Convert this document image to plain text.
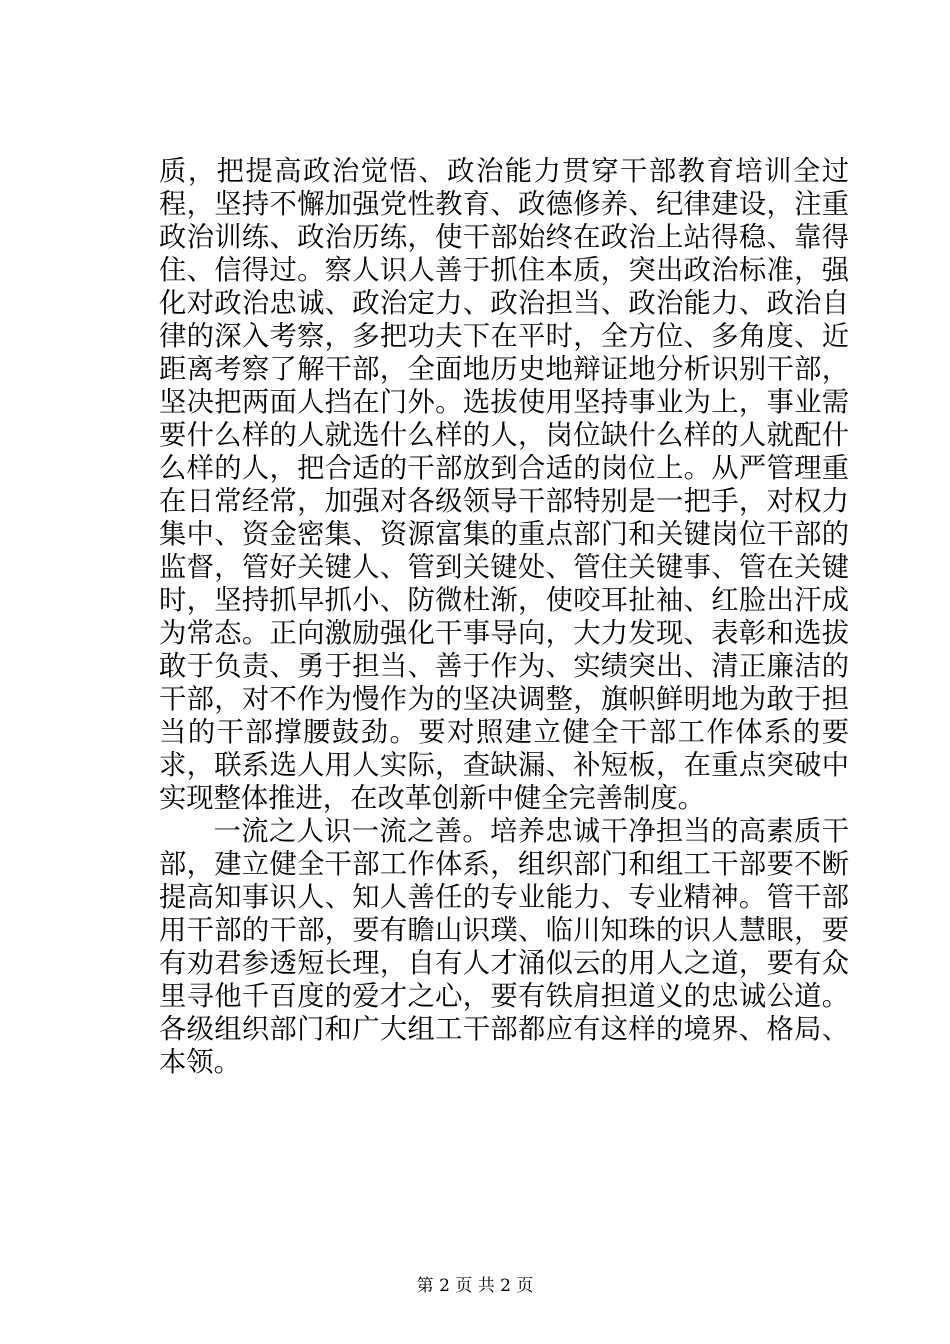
质，把提高政治觉悟、政治能力贯穿干部教育培训全过程，坚持不懈加强党性教育、政德修养、纪律建设，注重政治训练、政治历练，使干部始终在政治上站得稳、靠得住、信得过。察人识人善于抓住本质，突出政治标准，强化对政治忠诚、政治定力、政治担当、政治能力、政治自律的深入考察，多把功夫下在平时，全方位、多角度、近距离考察了解干部，全面地历史地辩证地分析识别干部，坚决把两面人挡在门外。选拔使用坚持事业为上，事业需要什么样的人就选什么样的人，岗位缺什么样的人就配什么样的人，把合适的干部放到合适的岗位上。从严管理重在日常经常，加强对各级领导干部特别是一把手，对权力集中、资金密集、资源富集的重点部门和关键岗位干部的监督，管好关键人、管到关键处、管住关键事、管在关键时，坚持抓早抓小、防微杜渐，使咬耳扯袖、红脸出汗成为常态。正向激励强化干事导向，大力发现、表彰和选拔敢于负责、勇于担当、善于作为、实绩突出、清正廉洁的干部，对不作为慢作为的坚决调整，旗帜鲜明地为敢于担当的干部撑腰鼓劲。要对照建立健全干部工作体系的要求，联系选人用人实际，查缺漏、补短板，在重点突破中实现整体推进，在改革创新中健全完善制度。

一流之人识一流之善。培养忠诚干净担当的高素质干部，建立健全干部工作体系，组织部门和组工干部要不断提高知事识人、知人善任的专业能力、专业精神。管干部用干部的干部，要有瞻山识璞、临川知珠的识人慧眼，要有劝君参透短长理，自有人才涌似云的用人之道，要有众里寻他千百度的爱才之心，要有铁肩担道义的忠诚公道。各级组织部门和广大组工干部都应有这样的境界、格局、本领。

第 2 页 共 2 页
